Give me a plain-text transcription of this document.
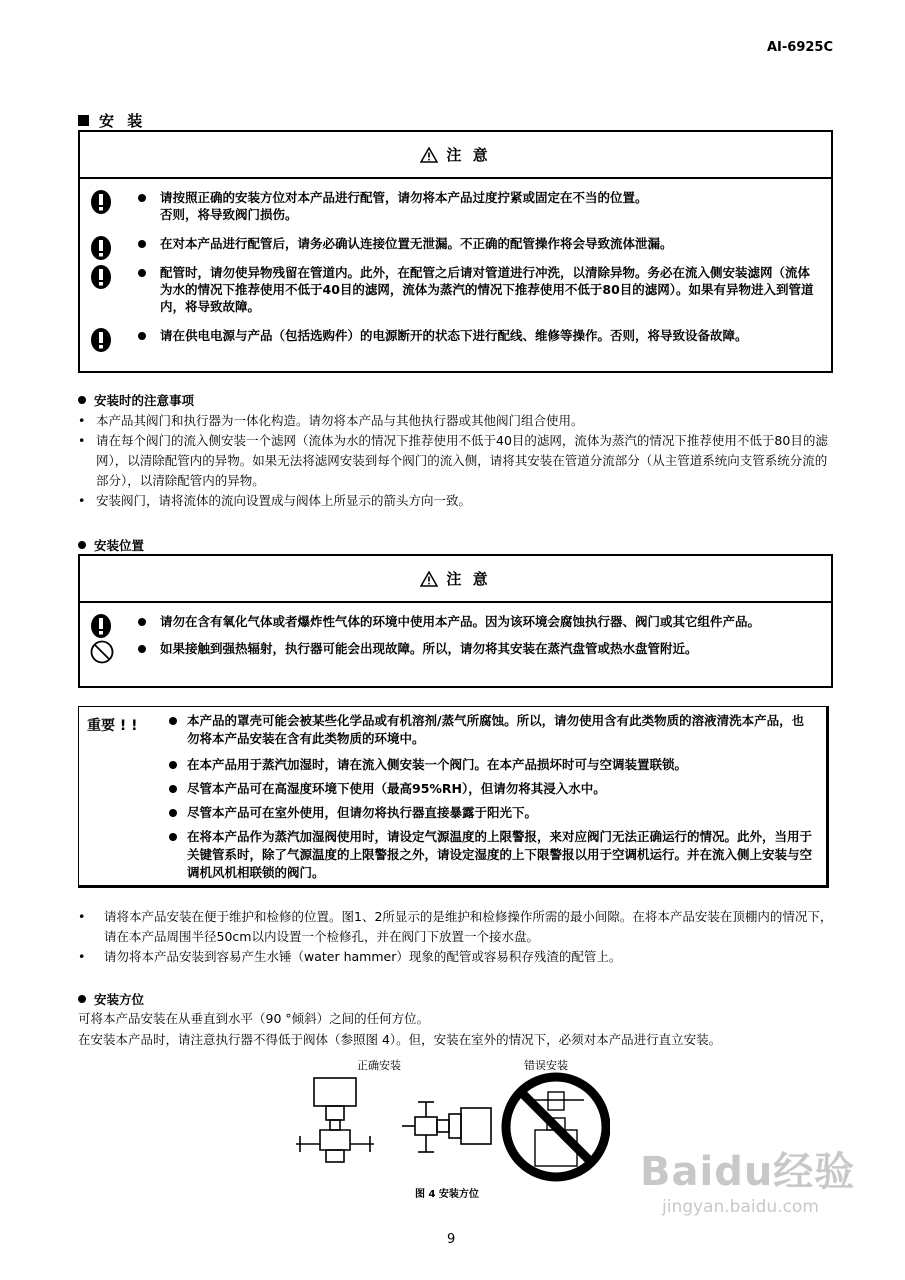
AI-6925C
安 装
注 意
请按照正确的安装方位对本产品进行配管，请勿将本产品过度拧紧或固定在不当的位置。
否则，将导致阀门损伤。
在对本产品进行配管后，请务必确认连接位置无泄漏。不正确的配管操作将会导致流体泄漏。
配管时，请勿使异物残留在管道内。此外，在配管之后请对管道进行冲洗，以清除异物。务必在流入侧安装滤网（流体为水的情况下推荐使用不低于40目的滤网，流体为蒸汽的情况下推荐使用不低于80目的滤网）。如果有异物进入到管道内，将导致故障。
请在供电电源与产品（包括选购件）的电源断开的状态下进行配线、维修等操作。否则，将导致设备故障。
安装时的注意事项
• 本产品其阀门和执行器为一体化构造。请勿将本产品与其他执行器或其他阀门组合使用。
• 请在每个阀门的流入侧安装一个滤网（流体为水的情况下推荐使用不低于40目的滤网，流体为蒸汽的情况下推荐使用不低于80目的滤网），以清除配管内的异物。如果无法将滤网安装到每个阀门的流入侧，请将其安装在管道分流部分（从主管道系统向支管系统分流的部分），以清除配管内的异物。
• 安装阀门，请将流体的流向设置成与阀体上所显示的箭头方向一致。
安装位置
注 意
请勿在含有氧化气体或者爆炸性气体的环境中使用本产品。因为该环境会腐蚀执行器、阀门或其它组件产品。
如果接触到强热辐射，执行器可能会出现故障。所以，请勿将其安装在蒸汽盘管或热水盘管附近。
重要 ! !	本产品的罩壳可能会被某些化学品或有机溶剂/蒸气所腐蚀。所以，请勿使用含有此类物质的溶液清洗本产品，也勿将本产品安装在含有此类物质的环境中。
在本产品用于蒸汽加湿时，请在流入侧安装一个阀门。在本产品损坏时可与空调装置联锁。
尽管本产品可在高湿度环境下使用（最高95%RH），但请勿将其浸入水中。
尽管本产品可在室外使用，但请勿将执行器直接暴露于阳光下。
在将本产品作为蒸汽加湿阀使用时，请设定气源温度的上限警报，来对应阀门无法正确运行的情况。此外，当用于关键管系时，除了气源温度的上限警报之外，请设定湿度的上下限警报以用于空调机运行。并在流入侧上安装与空调机风机相联锁的阀门。
• 请将本产品安装在便于维护和检修的位置。图1、2所显示的是维护和检修操作所需的最小间隙。在将本产品安装在顶棚内的情况下，请在本产品周围半径50cm以内设置一个检修孔，并在阀门下放置一个接水盘。
• 请勿将本产品安装到容易产生水锤（water hammer）现象的配管或容易积存残渣的配管上。
安装方位
可将本产品安装在从垂直到水平（90 °倾斜）之间的任何方位。
在安装本产品时，请注意执行器不得低于阀体（参照图 4）。但，安装在室外的情况下，必须对本产品进行直立安装。
正确安装	错误安装
图 4 安装方位
9
Baidu经验
jingyan.baidu.com
